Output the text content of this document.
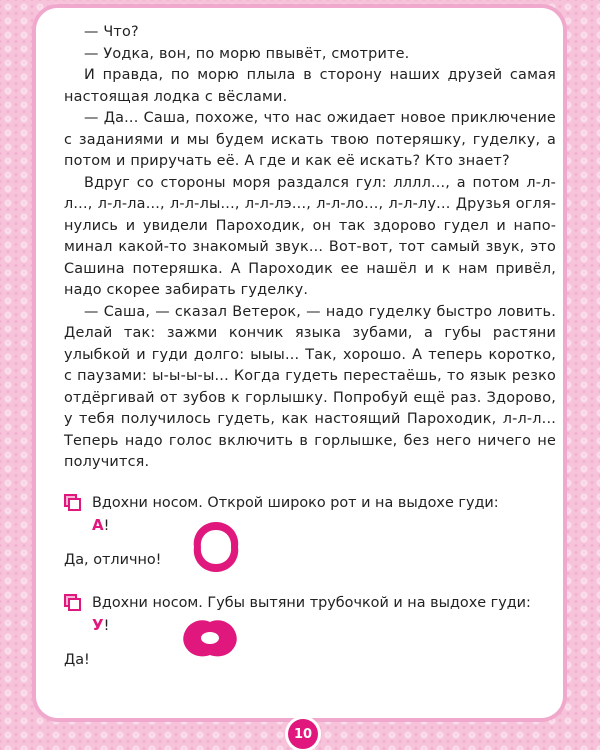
— Что?

— Уодка, вон, по морю пвывёт, смотрите.

И правда, по морю плыла в сторону наших друзей самая настоящая лодка с вёслами.

— Да... Саша, похоже, что нас ожидает новое приключение с заданиями и мы будем искать твою потеряшку, гуделку, а потом и приручать её. А где и как её искать? Кто знает?

Вдруг со стороны моря раздался гул: лллл..., а потом л-л-л..., л-л-ла..., л-л-лы..., л-л-лэ..., л-л-ло..., л-л-лу... Друзья оглянулись и увидели Пароходик, он так здорово гудел и напоминал какой-то знакомый звук... Вот-вот, тот самый звук, это Сашина потеряшка. А Пароходик ее нашёл и к нам привёл, надо скорее забирать гуделку.

— Саша, — сказал Ветерок, — надо гуделку быстро ловить. Делай так: зажми кончик языка зубами, а губы растяни улыбкой и гуди долго: ыыы... Так, хорошо. А теперь коротко, с паузами: ы-ы-ы-ы... Когда гудеть перестаёшь, то язык резко отдёргивай от зубов к горлышку. Попробуй ещё раз. Здорово, у тебя получилось гудеть, как настоящий Пароходик, л-л-л... Теперь надо голос включить в горлышке, без него ничего не получится.

Вдохни носом. Открой широко рот и на выдохе гуди:
А !
Да, отлично!
Вдохни носом. Губы вытяни трубочкой и на выдохе гуди:
У !
Да!
10
